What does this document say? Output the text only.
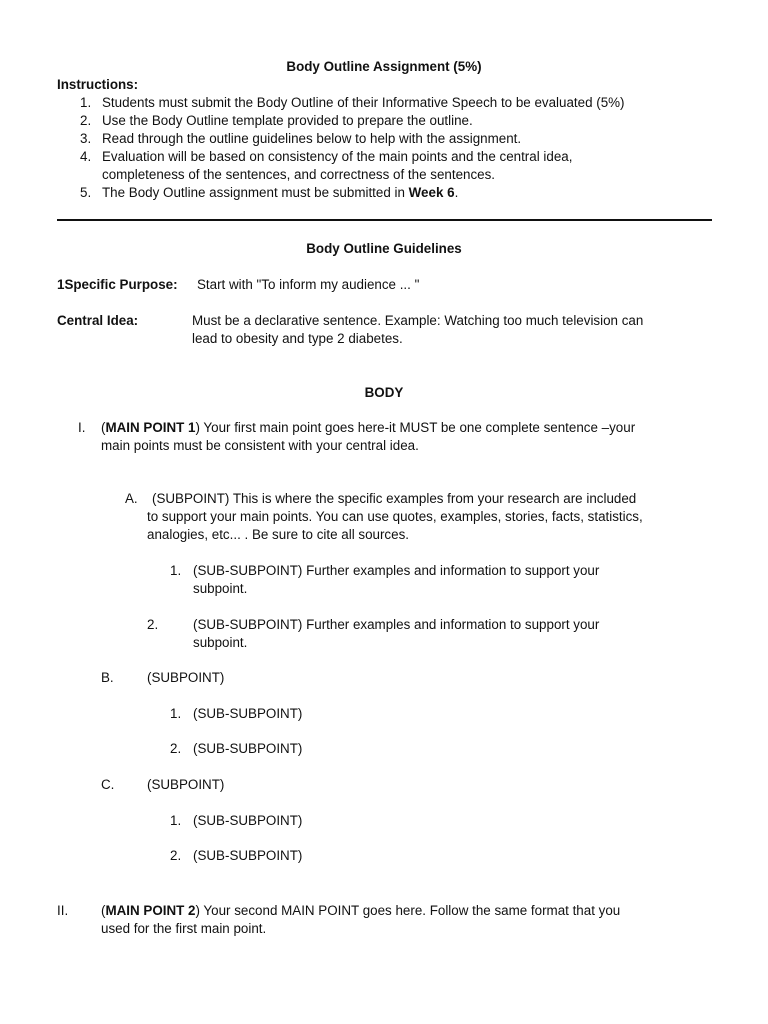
Body Outline Assignment (5%)
Instructions:
1. Students must submit the Body Outline of their Informative Speech to be evaluated (5%)
2. Use the Body Outline template provided to prepare the outline.
3. Read through the outline guidelines below to help with the assignment.
4. Evaluation will be based on consistency of the main points and the central idea,
completeness of the sentences, and correctness of the sentences.
5. The Body Outline assignment must be submitted in Week 6.
Body Outline Guidelines
1Specific Purpose: Start with "To inform my audience ... "
Central Idea:	Must be a declarative sentence. Example: Watching too much television can
lead to obesity and type 2 diabetes.
BODY
I. (MAIN POINT 1) Your first main point goes here-it MUST be one complete sentence –your
main points must be consistent with your central idea.
A. (SUBPOINT) This is where the specific examples from your research are included
to support your main points. You can use quotes, examples, stories, facts, statistics,
analogies, etc... . Be sure to cite all sources.
1. (SUB-SUBPOINT) Further examples and information to support your
subpoint.
2.	(SUB-SUBPOINT) Further examples and information to support your
subpoint.
B. (SUBPOINT)
1. (SUB-SUBPOINT)
2. (SUB-SUBPOINT)
C. (SUBPOINT)
1. (SUB-SUBPOINT)
2. (SUB-SUBPOINT)
II. (MAIN POINT 2) Your second MAIN POINT goes here. Follow the same format that you
used for the first main point.
